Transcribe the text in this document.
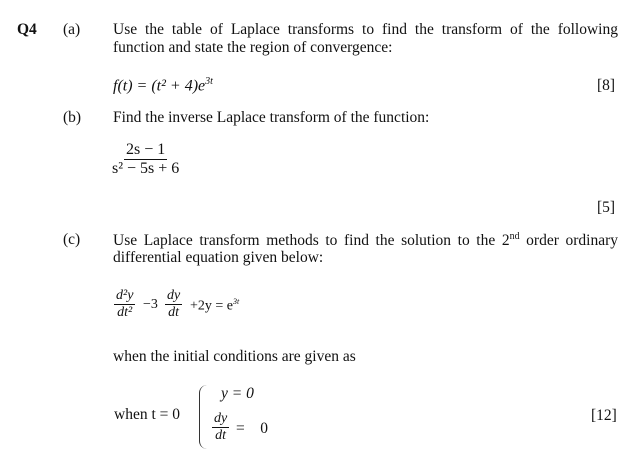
Q4 (a) Use the table of Laplace transforms to find the transform of the following
function and state the region of convergence:
$f(t) = (t^2 + 4)e^{3t}$	[8]
(b) Find the inverse Laplace transform of the function:
$\frac{2s - 1}{\text{s² − 5s + 6}}$
[5]
(c) Use Laplace transform methods to find the solution to the 2nd order ordinary
differential equation given below:
$\frac{\text{d²y}}{\text{dt²}} -3 \frac{dy}{dt} +2y = e^{3t}$
when the initial conditions are given as
when t = 0
y = 0
$\frac{dy}{dt}$ =    0
[12]
